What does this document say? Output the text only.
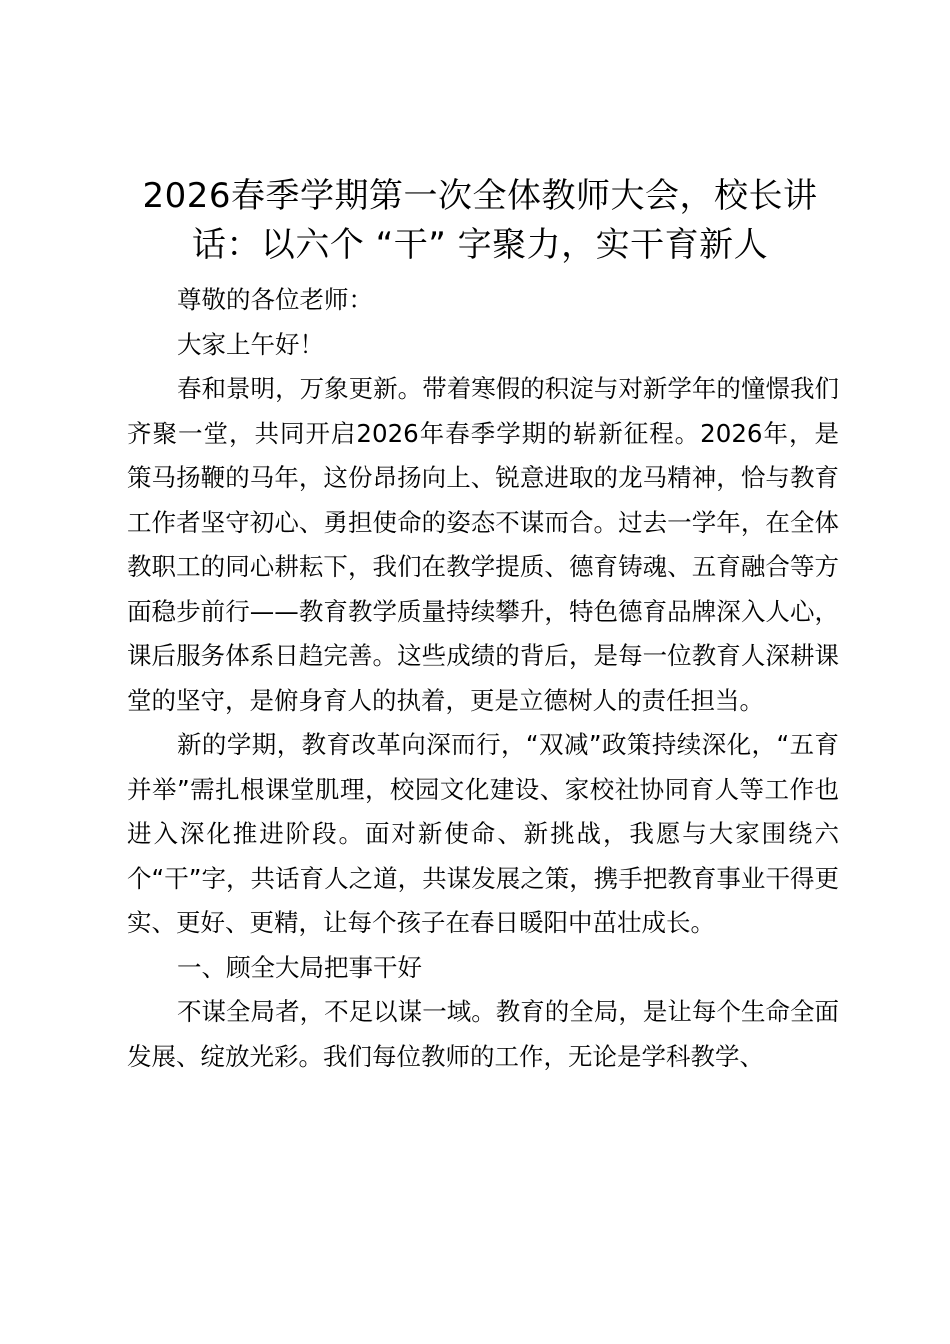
2026春季学期第一次全体教师大会，校长讲话：以六个 “干” 字聚力，实干育新人

尊敬的各位老师：

大家上午好！

春和景明，万象更新。带着寒假的积淀与对新学年的憧憬我们齐聚一堂，共同开启2026年春季学期的崭新征程。2026年，是策马扬鞭的马年，这份昂扬向上、锐意进取的龙马精神，恰与教育工作者坚守初心、勇担使命的姿态不谋而合。过去一学年，在全体教职工的同心耕耘下，我们在教学提质、德育铸魂、五育融合等方面稳步前行——教育教学质量持续攀升，特色德育品牌深入人心，课后服务体系日趋完善。这些成绩的背后，是每一位教育人深耕课堂的坚守，是俯身育人的执着，更是立德树人的责任担当。

新的学期，教育改革向深而行，“双减”政策持续深化，“五育并举”需扎根课堂肌理，校园文化建设、家校社协同育人等工作也进入深化推进阶段。面对新使命、新挑战，我愿与大家围绕六个“干”字，共话育人之道，共谋发展之策，携手把教育事业干得更实、更好、更精，让每个孩子在春日暖阳中茁壮成长。

一、顾全大局把事干好

不谋全局者，不足以谋一域。教育的全局，是让每个生命全面发展、绽放光彩。我们每位教师的工作，无论是学科教学、
